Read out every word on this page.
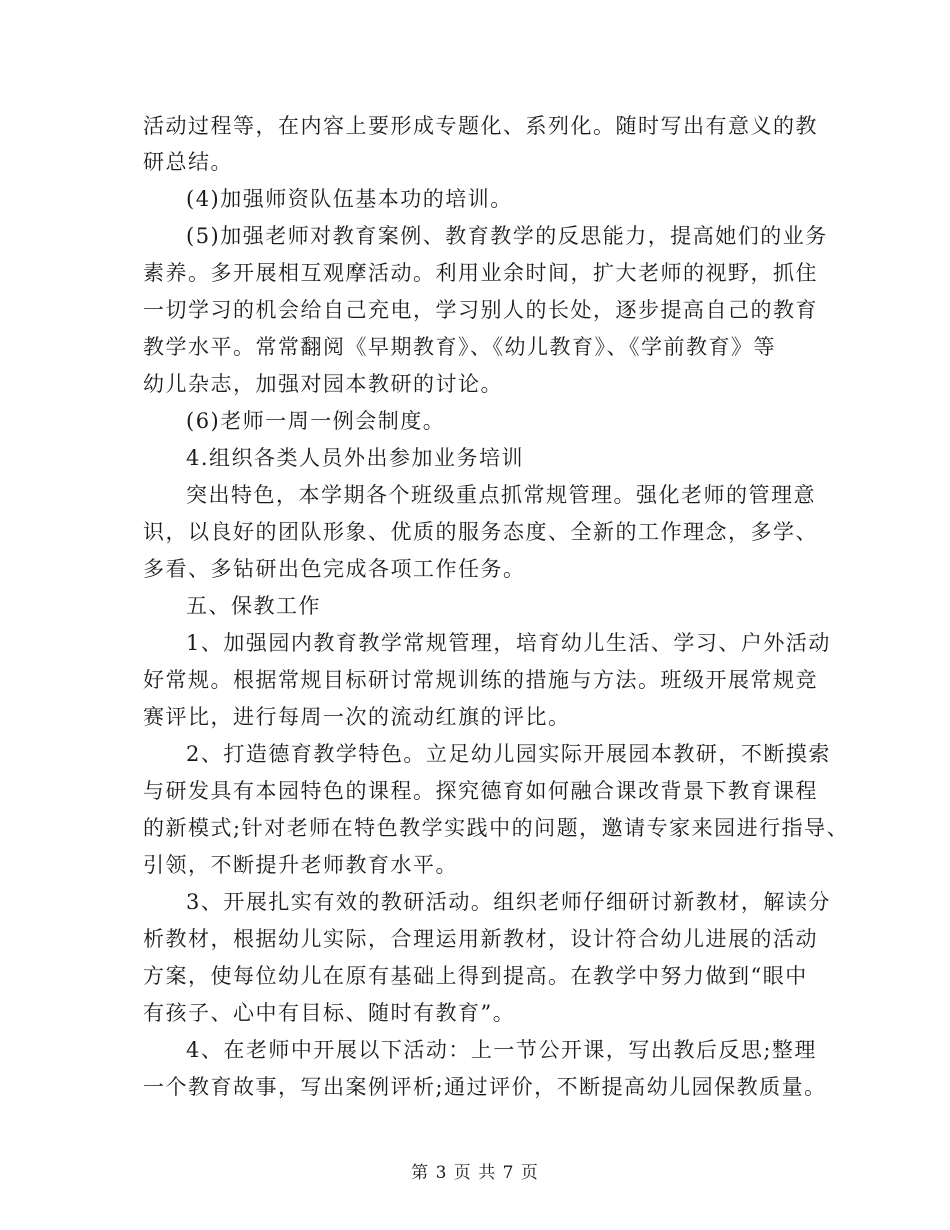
活动过程等，在内容上要形成专题化、系列化。随时写出有意义的教
研总结。
(4)加强师资队伍基本功的培训。
(5)加强老师对教育案例、教育教学的反思能力，提高她们的业务
素养。多开展相互观摩活动。利用业余时间，扩大老师的视野，抓住
一切学习的机会给自己充电，学习别人的长处，逐步提高自己的教育
教学水平。常常翻阅《早期教育》、《幼儿教育》、《学前教育》等
幼儿杂志，加强对园本教研的讨论。
(6)老师一周一例会制度。
4.组织各类人员外出参加业务培训
突出特色，本学期各个班级重点抓常规管理。强化老师的管理意
识，以良好的团队形象、优质的服务态度、全新的工作理念，多学、
多看、多钻研出色完成各项工作任务。
五、保教工作
1、加强园内教育教学常规管理，培育幼儿生活、学习、户外活动
好常规。根据常规目标研讨常规训练的措施与方法。班级开展常规竞
赛评比，进行每周一次的流动红旗的评比。
2、打造德育教学特色。立足幼儿园实际开展园本教研，不断摸索
与研发具有本园特色的课程。探究德育如何融合课改背景下教育课程
的新模式;针对老师在特色教学实践中的问题，邀请专家来园进行指导、
引领，不断提升老师教育水平。
3、开展扎实有效的教研活动。组织老师仔细研讨新教材，解读分
析教材，根据幼儿实际，合理运用新教材，设计符合幼儿进展的活动
方案，使每位幼儿在原有基础上得到提高。在教学中努力做到“眼中
有孩子、心中有目标、随时有教育”。
4、在老师中开展以下活动：上一节公开课，写出教后反思;整理
一个教育故事，写出案例评析;通过评价，不断提高幼儿园保教质量。
第 3 页 共 7 页
